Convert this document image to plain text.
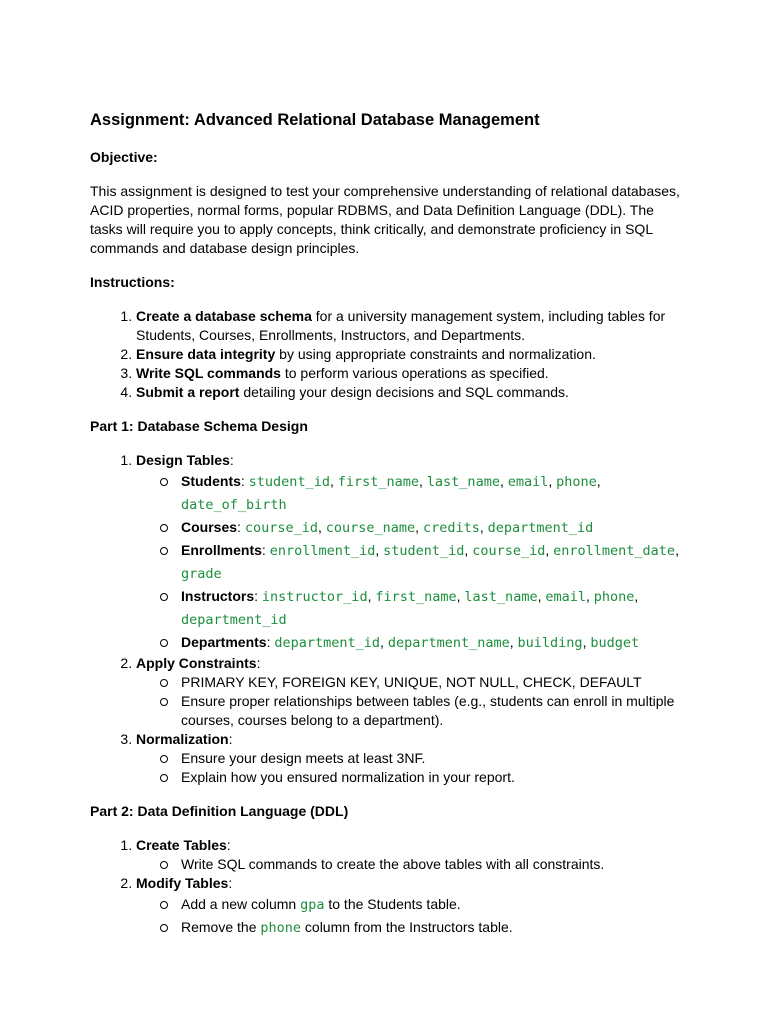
Assignment: Advanced Relational Database Management

Objective:

This assignment is designed to test your comprehensive understanding of relational databases, ACID properties, normal forms, popular RDBMS, and Data Definition Language (DDL). The tasks will require you to apply concepts, think critically, and demonstrate proficiency in SQL commands and database design principles.

Instructions:

1. Create a database schema for a university management system, including tables for Students, Courses, Enrollments, Instructors, and Departments.
2. Ensure data integrity by using appropriate constraints and normalization.
3. Write SQL commands to perform various operations as specified.
4. Submit a report detailing your design decisions and SQL commands.

Part 1: Database Schema Design

1. Design Tables:
Students: student_id, first_name, last_name, email, phone, date_of_birth
Courses: course_id, course_name, credits, department_id
Enrollments: enrollment_id, student_id, course_id, enrollment_date, grade
Instructors: instructor_id, first_name, last_name, email, phone, department_id
Departments: department_id, department_name, building, budget
2. Apply Constraints:
PRIMARY KEY, FOREIGN KEY, UNIQUE, NOT NULL, CHECK, DEFAULT
Ensure proper relationships between tables (e.g., students can enroll in multiple courses, courses belong to a department).
3. Normalization:
Ensure your design meets at least 3NF.
Explain how you ensured normalization in your report.

Part 2: Data Definition Language (DDL)

1. Create Tables:
Write SQL commands to create the above tables with all constraints.
2. Modify Tables:
Add a new column gpa to the Students table.
Remove the phone column from the Instructors table.
